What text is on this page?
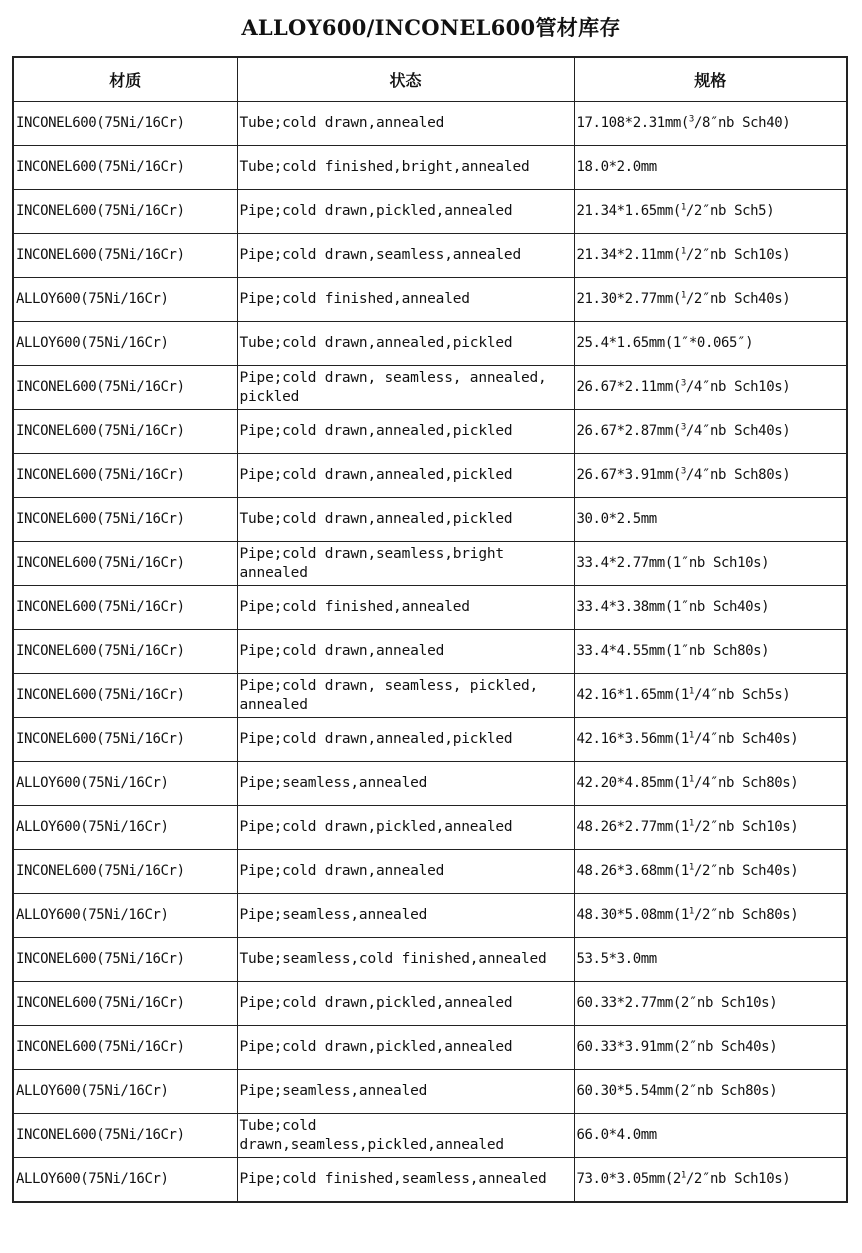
ALLOY600/INCONEL600管材库存
材质	状态	规格
INCONEL600(75Ni/16Cr)	Tube;cold drawn,annealed	17.108*2.31mm($^3$/8″nb Sch40)
INCONEL600(75Ni/16Cr)	Tube;cold finished,bright,annealed	18.0*2.0mm
INCONEL600(75Ni/16Cr)	Pipe;cold drawn,pickled,annealed	21.34*1.65mm($^1$/2″nb Sch5)
INCONEL600(75Ni/16Cr)	Pipe;cold drawn,seamless,annealed	21.34*2.11mm($^1$/2″nb Sch10s)
ALLOY600(75Ni/16Cr)	Pipe;cold finished,annealed	21.30*2.77mm($^1$/2″nb Sch40s)
ALLOY600(75Ni/16Cr)	Tube;cold drawn,annealed,pickled	25.4*1.65mm(1″*0.065″)
INCONEL600(75Ni/16Cr)	Pipe;cold drawn, seamless, annealed, pickled	26.67*2.11mm($^3$/4″nb Sch10s)
INCONEL600(75Ni/16Cr)	Pipe;cold drawn,annealed,pickled	26.67*2.87mm($^3$/4″nb Sch40s)
INCONEL600(75Ni/16Cr)	Pipe;cold drawn,annealed,pickled	26.67*3.91mm($^3$/4″nb Sch80s)
INCONEL600(75Ni/16Cr)	Tube;cold drawn,annealed,pickled	30.0*2.5mm
INCONEL600(75Ni/16Cr)	Pipe;cold drawn,seamless,bright annealed	33.4*2.77mm(1″nb Sch10s)
INCONEL600(75Ni/16Cr)	Pipe;cold finished,annealed	33.4*3.38mm(1″nb Sch40s)
INCONEL600(75Ni/16Cr)	Pipe;cold drawn,annealed	33.4*4.55mm(1″nb Sch80s)
INCONEL600(75Ni/16Cr)	Pipe;cold drawn, seamless, pickled, annealed	$42.16*1.65mm(1^1/4''nb$ Sch5s)
INCONEL600(75Ni/16Cr)	Pipe;cold drawn,annealed,pickled	$42.16*3.56mm(1^1/4''nb$ Sch40s)
ALLOY600(75Ni/16Cr)	Pipe;seamless,annealed	$42.20*4.85mm(1^1/4''nb$ Sch80s)
ALLOY600(75Ni/16Cr)	Pipe;cold drawn,pickled,annealed	$48.26*2.77mm(1^1/2''nb$ Sch10s)
INCONEL600(75Ni/16Cr)	Pipe;cold drawn,annealed	$48.26*3.68mm(1^1/2''nb$ Sch40s)
ALLOY600(75Ni/16Cr)	Pipe;seamless,annealed	$48.30*5.08mm(1^1/2''nb$ Sch80s)
INCONEL600(75Ni/16Cr)	Tube;seamless,cold finished,annealed	53.5*3.0mm
INCONEL600(75Ni/16Cr)	Pipe;cold drawn,pickled,annealed	60.33*2.77mm(2″nb Sch10s)
INCONEL600(75Ni/16Cr)	Pipe;cold drawn,pickled,annealed	60.33*3.91mm(2″nb Sch40s)
ALLOY600(75Ni/16Cr)	Pipe;seamless,annealed	60.30*5.54mm(2″nb Sch80s)
INCONEL600(75Ni/16Cr)	Tube;cold drawn,seamless,pickled,annealed	66.0*4.0mm
ALLOY600(75Ni/16Cr)	Pipe;cold finished,seamless,annealed	$73.0*3.05mm(2^1/2''nb$ Sch10s)
